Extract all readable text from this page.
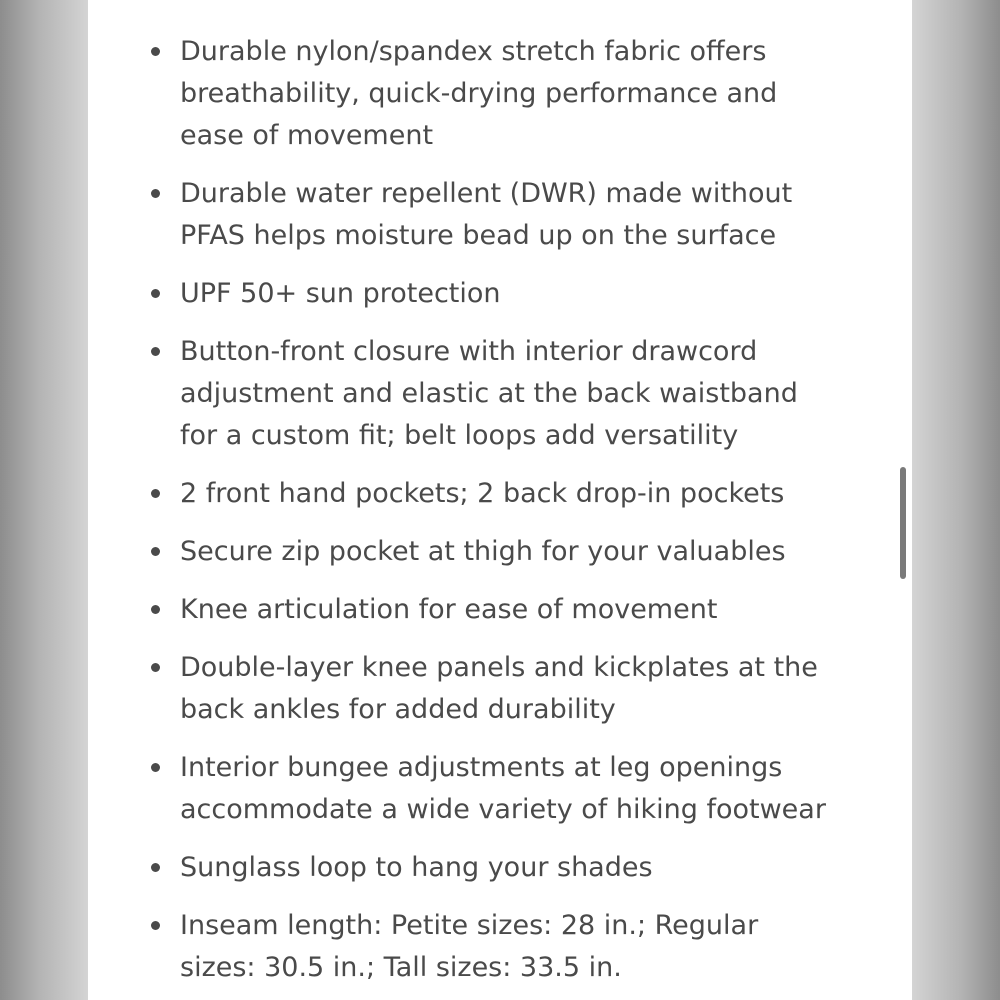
Durable nylon/spandex stretch fabric offers
breathability, quick-drying performance and
ease of movement
Durable water repellent (DWR) made without
PFAS helps moisture bead up on the surface
UPF 50+ sun protection
Button-front closure with interior drawcord
adjustment and elastic at the back waistband
for a custom fit; belt loops add versatility
2 front hand pockets; 2 back drop-in pockets
Secure zip pocket at thigh for your valuables
Knee articulation for ease of movement
Double-layer knee panels and kickplates at the
back ankles for added durability
Interior bungee adjustments at leg openings
accommodate a wide variety of hiking footwear
Sunglass loop to hang your shades
Inseam length: Petite sizes: 28 in.; Regular
sizes: 30.5 in.; Tall sizes: 33.5 in.
